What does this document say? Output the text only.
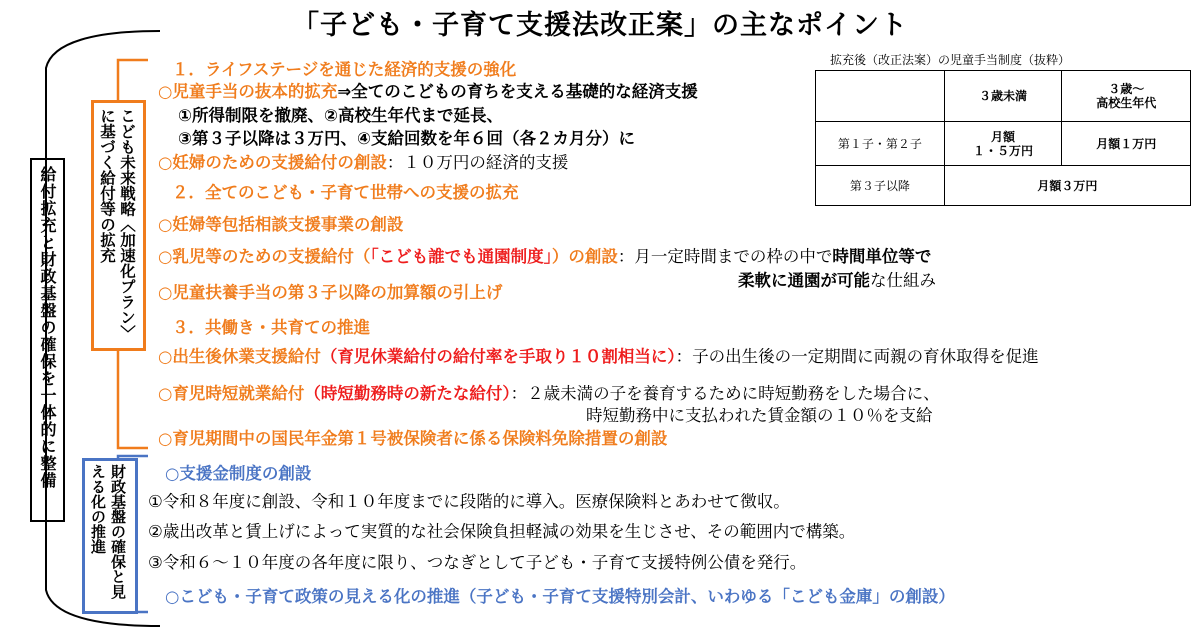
「子ども・子育て支援法改正案」の主なポイント
給付拡充と財政基盤の確保を一体的に整備	こども未来戦略〈加速化プラン〉に基づく給付等の拡充
財政基盤の確保と見える化の推進
１．ライフステージを通じた経済的支援の強化
○児童手当の抜本的拡充⇒全てのこどもの育ちを支える基礎的な経済支援
①所得制限を撤廃、②高校生年代まで延長、
③第３子以降は３万円、④支給回数を年６回（各２カ月分）に
○妊婦のための支援給付の創設：１０万円の経済的支援
２．全てのこども・子育て世帯への支援の拡充
○妊婦等包括相談支援事業の創設
○乳児等のための支援給付（「こども誰でも通園制度」）の創設：月一定時間までの枠の中で時間単位等で
柔軟に通園が可能な仕組み
○児童扶養手当の第３子以降の加算額の引上げ
３．共働き・共育ての推進
○出生後休業支援給付（育児休業給付の給付率を手取り１０割相当に）：子の出生後の一定期間に両親の育休取得を促進
○育児時短就業給付（時短勤務時の新たな給付）：２歳未満の子を養育するために時短勤務をした場合に、
時短勤務中に支払われた賃金額の１０％を支給
○育児期間中の国民年金第１号被保険者に係る保険料免除措置の創設
○支援金制度の創設
①令和８年度に創設、令和１０年度までに段階的に導入。医療保険料とあわせて徴収。
②歳出改革と賃上げによって実質的な社会保険負担軽減の効果を生じさせ、その範囲内で構築。
③令和６～１０年度の各年度に限り、つなぎとして子ども・子育て支援特例公債を発行。
○こども・子育て政策の見える化の推進（子ども・子育て支援特別会計、いわゆる「こども金庫」の創設）
拡充後（改正法案）の児童手当制度（抜粋）
	３歳未満	３歳～
高校生年代
第１子・第２子	月額
１・５万円	月額１万円
第３子以降	月額３万円	
